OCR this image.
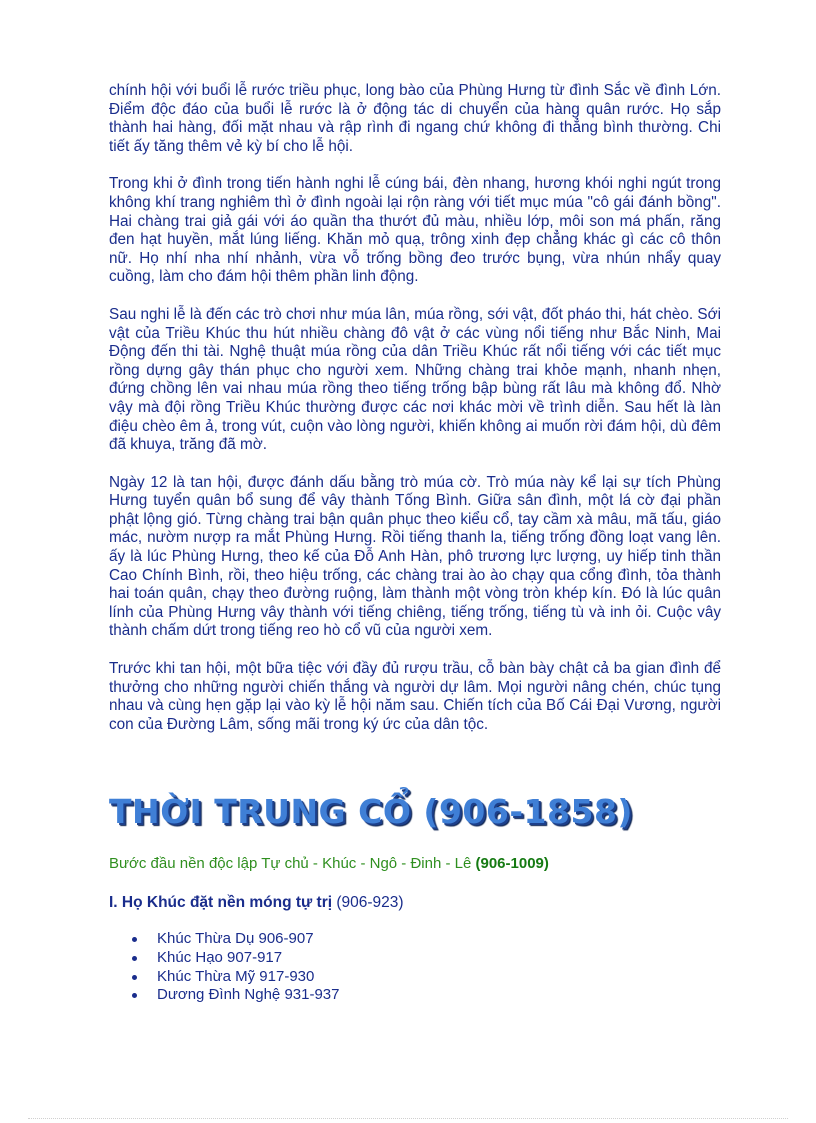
chính hội với buổi lễ rước triều phục, long bào của Phùng Hưng từ đình Sắc về đình Lớn. Điểm độc đáo của buổi lễ rước là ở động tác di chuyển của hàng quân rước. Họ sắp thành hai hàng, đối mặt nhau và rập rình đi ngang chứ không đi thẳng bình thường. Chi tiết ấy tăng thêm vẻ kỳ bí cho lễ hội.

Trong khi ở đình trong tiến hành nghi lễ cúng bái, đèn nhang, hương khói nghi ngút trong không khí trang nghiêm thì ở đình ngoài lại rộn ràng với tiết mục múa "cô gái đánh bồng". Hai chàng trai giả gái với áo quần tha thướt đủ màu, nhiều lớp, môi son má phấn, răng đen hạt huyền, mắt lúng liếng. Khăn mỏ quạ, trông xinh đẹp chẳng khác gì các cô thôn nữ. Họ nhí nha nhí nhảnh, vừa vỗ trống bồng đeo trước bụng, vừa nhún nhẩy quay cuồng, làm cho đám hội thêm phần linh động.

Sau nghi lễ là đến các trò chơi như múa lân, múa rồng, sới vật, đốt pháo thi, hát chèo. Sới vật của Triều Khúc thu hút nhiều chàng đô vật ở các vùng nổi tiếng như Bắc Ninh, Mai Động đến thi tài. Nghệ thuật múa rồng của dân Triều Khúc rất nổi tiếng với các tiết mục rồng dựng gây thán phục cho người xem. Những chàng trai khỏe mạnh, nhanh nhẹn, đứng chồng lên vai nhau múa rồng theo tiếng trống bập bùng rất lâu mà không đổ. Nhờ vậy mà đội rồng Triều Khúc thường được các nơi khác mời về trình diễn. Sau hết là làn điệu chèo êm ả, trong vút, cuộn vào lòng người, khiến không ai muốn rời đám hội, dù đêm đã khuya, trăng đã mờ.

Ngày 12 là tan hội, được đánh dấu bằng trò múa cờ. Trò múa này kể lại sự tích Phùng Hưng tuyển quân bổ sung để vây thành Tống Bình. Giữa sân đình, một lá cờ đại phần phật lộng gió. Từng chàng trai bận quân phục theo kiểu cổ, tay cầm xà mâu, mã tấu, giáo mác, nườm nượp ra mắt Phùng Hưng. Rồi tiếng thanh la, tiếng trống đồng loạt vang lên. ấy là lúc Phùng Hưng, theo kế của Đỗ Anh Hàn, phô trương lực lượng, uy hiếp tinh thần Cao Chính Bình, rồi, theo hiệu trống, các chàng trai ào ào chạy qua cổng đình, tỏa thành hai toán quân, chạy theo đường ruộng, làm thành một vòng tròn khép kín. Đó là lúc quân lính của Phùng Hưng vây thành với tiếng chiêng, tiếng trống, tiếng tù và inh ỏi. Cuộc vây thành chấm dứt trong tiếng reo hò cổ vũ của người xem.

Trước khi tan hội, một bữa tiệc với đầy đủ rượu trầu, cỗ bàn bày chật cả ba gian đình để thưởng cho những người chiến thắng và người dự lâm. Mọi người nâng chén, chúc tụng nhau và cùng hẹn gặp lại vào kỳ lễ hội năm sau. Chiến tích của Bố Cái Đại Vương, người con của Đường Lâm, sống mãi trong ký ức của dân tộc.

THỜI TRUNG CỔ (906-1858)

Bước đầu nền độc lập Tự chủ - Khúc - Ngô - Đinh - Lê (906-1009)

I. Họ Khúc đặt nền móng tự trị (906-923)

Khúc Thừa Dụ 906-907
Khúc Hạo 907-917
Khúc Thừa Mỹ 917-930
Dương Đình Nghệ 931-937
